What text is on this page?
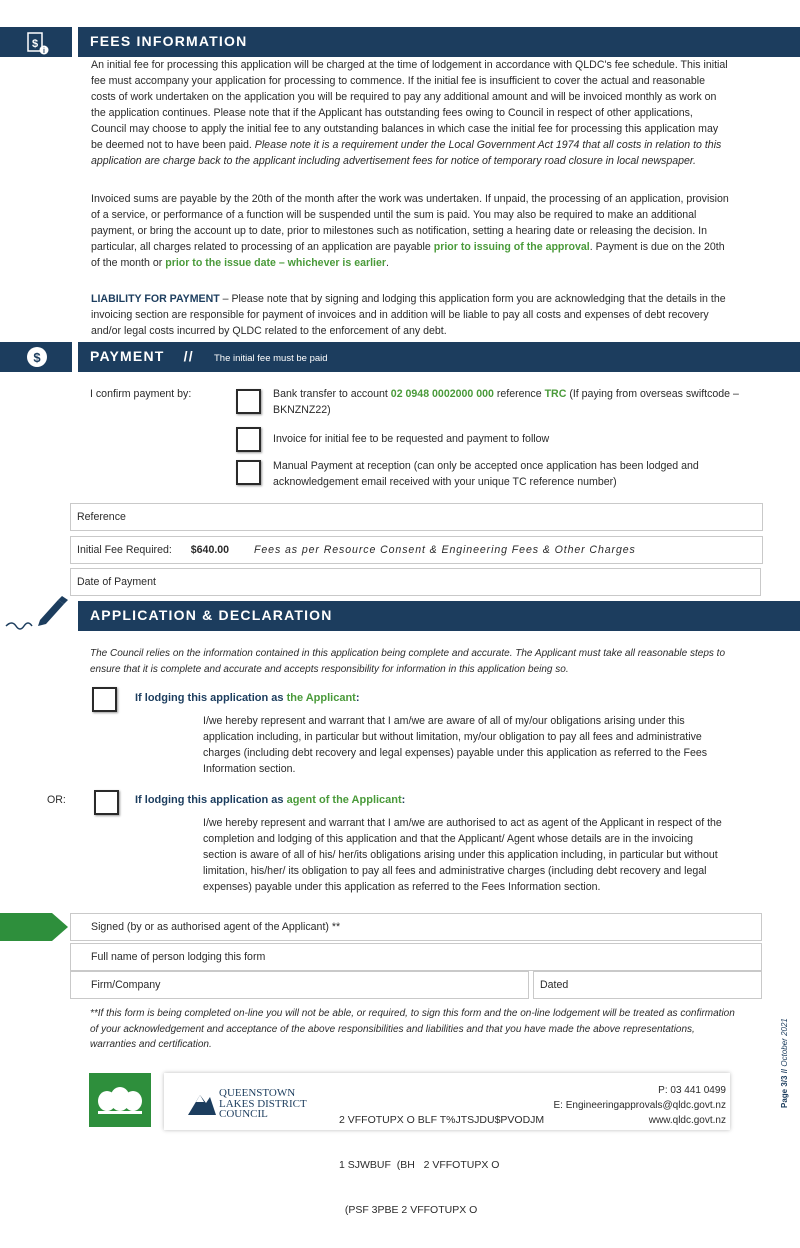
$
i
FEES INFORMATION
An initial fee for processing this application will be charged at the time of lodgement in accordance with QLDC's fee schedule. This initial fee must accompany your application for processing to commence. If the initial fee is insufficient to cover the actual and reasonable costs of work undertaken on the application you will be required to pay any additional amount and will be invoiced monthly as work on the application continues. Please note that if the Applicant has outstanding fees owing to Council in respect of other applications, Council may choose to apply the initial fee to any outstanding balances in which case the initial fee for processing this application may be deemed not to have been paid. Please note it is a requirement under the Local Government Act 1974 that all costs in relation to this application are charge back to the applicant including advertisement fees for notice of temporary road closure in local newspaper.
Invoiced sums are payable by the 20th of the month after the work was undertaken. If unpaid, the processing of an application, provision of a service, or performance of a function will be suspended until the sum is paid. You may also be required to make an additional payment, or bring the account up to date, prior to milestones such as notification, setting a hearing date or releasing the decision. In particular, all charges related to processing of an application are payable prior to issuing of the approval. Payment is due on the 20th of the month or prior to the issue date – whichever is earlier.
LIABILITY FOR PAYMENT – Please note that by signing and lodging this application form you are acknowledging that the details in the invoicing section are responsible for payment of invoices and in addition will be liable to pay all costs and expenses of debt recovery and/or legal costs incurred by QLDC related to the enforcement of any debt.
$	PAYMENT // The initial fee must be paid
I confirm payment by:	Bank transfer to account 02 0948 0002000 000 reference TRC (If paying from overseas swiftcode – BKNZNZ22)
Invoice for initial fee to be requested and payment to follow
Manual Payment at reception (can only be accepted once application has been lodged and acknowledgement email received with your unique TC reference number)
Reference
Initial Fee Required: $640.00 Fees as per Resource Consent & Engineering Fees & Other Charges
Date of Payment
APPLICATION & DECLARATION
The Council relies on the information contained in this application being complete and accurate. The Applicant must take all reasonable steps to ensure that it is complete and accurate and accepts responsibility for information in this application being so.
If lodging this application as the Applicant:
I/we hereby represent and warrant that I am/we are aware of all of my/our obligations arising under this application including, in particular but without limitation, my/our obligation to pay all fees and administrative charges (including debt recovery and legal expenses) payable under this application as referred to the Fees Information section.
OR:	If lodging this application as agent of the Applicant:
I/we hereby represent and warrant that I am/we are authorised to act as agent of the Applicant in respect of the completion and lodging of this application and that the Applicant/ Agent whose details are in the invoicing section is aware of all of his/ her/its obligations arising under this application including, in particular but without limitation, his/her/ its obligation to pay all fees and administrative charges (including debt recovery and legal expenses) payable under this application as referred to the Fees Information section.
Signed (by or as authorised agent of the Applicant) **
Full name of person lodging this form
Firm/Company	Dated
**If this form is being completed on-line you will not be able, or required, to sign this form and the on-line lodgement will be treated as confirmation of your acknowledgement and acceptance of the above responsibilities and liabilities and that you have made the above representations, warranties and certification.
QUEENSTOWN
LAKES DISTRICT
COUNCIL

	2 VFFOTUPX O BLF T%JTSJDU$PVODJM

1 SJWBUF  (BH   2 VFFOTUPX O

(PSF 3PBE 2 VFFOTUPX O

P: 03 441 0499
E: Engineeringapprovals@qldc.govt.nz
www.qldc.govt.nz
Page 3/3 // October 2021
